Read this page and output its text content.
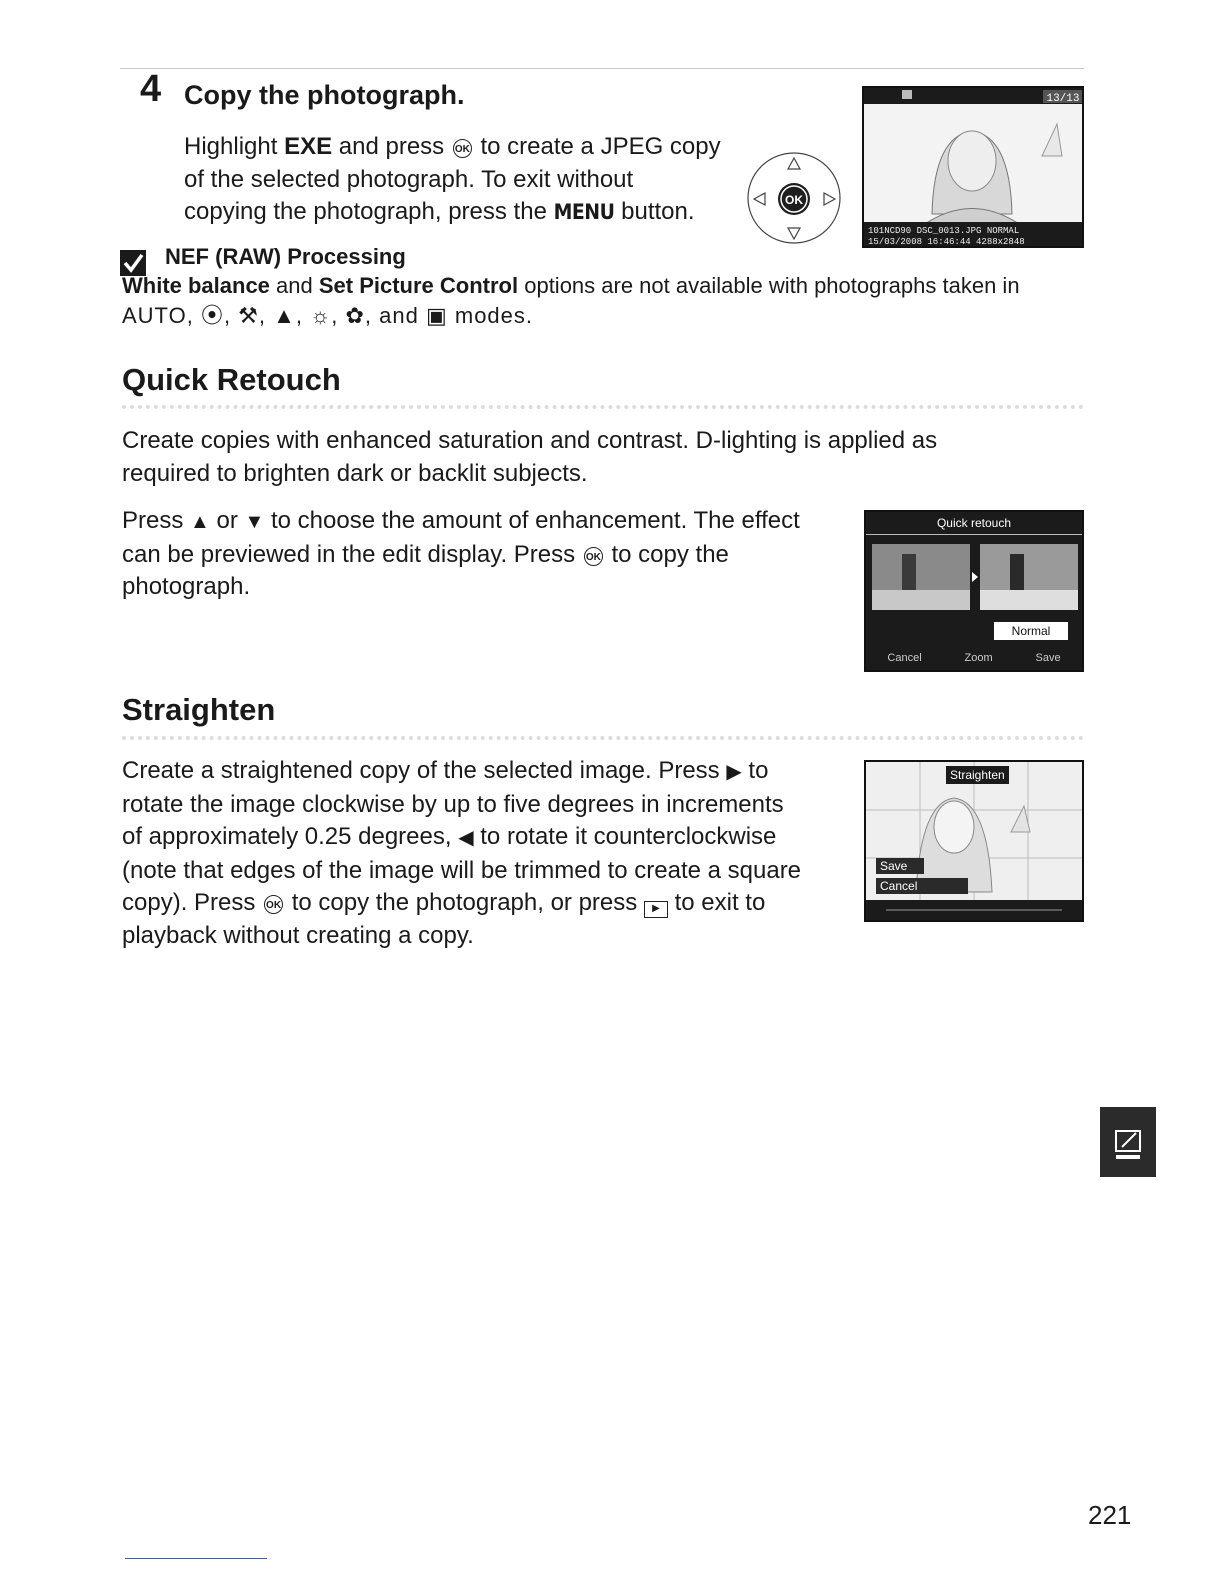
4 Copy the photograph.
Highlight EXE and press OK to create a JPEG copy
of the selected photograph. To exit without
copying the photograph, press the MENU button.	OK
13/13
101NCD90 DSC_0013.JPG NORMAL
15/03/2008 16:46:44 4288x2848
NEF (RAW) Processing
White balance and Set Picture Control options are not available with photographs taken in
AUTO, ⦿, ⚒, ▲, ☼, ✿, and ▣ modes.
Quick Retouch
Create copies with enhanced saturation and contrast. D-lighting is applied as
required to brighten dark or backlit subjects.
Press ▲ or ▼ to choose the amount of enhancement. The effect
can be previewed in the edit display. Press OK to copy the
photograph.
Quick retouch
Normal
Cancel	Zoom	Save
Straighten
Create a straightened copy of the selected image. Press ▶ to
rotate the image clockwise by up to five degrees in increments
of approximately 0.25 degrees, ◀ to rotate it counterclockwise
(note that edges of the image will be trimmed to create a square
copy). Press OK to copy the photograph, or press ▶ to exit to
playback without creating a copy.
Straighten
Save
Cancel
221
